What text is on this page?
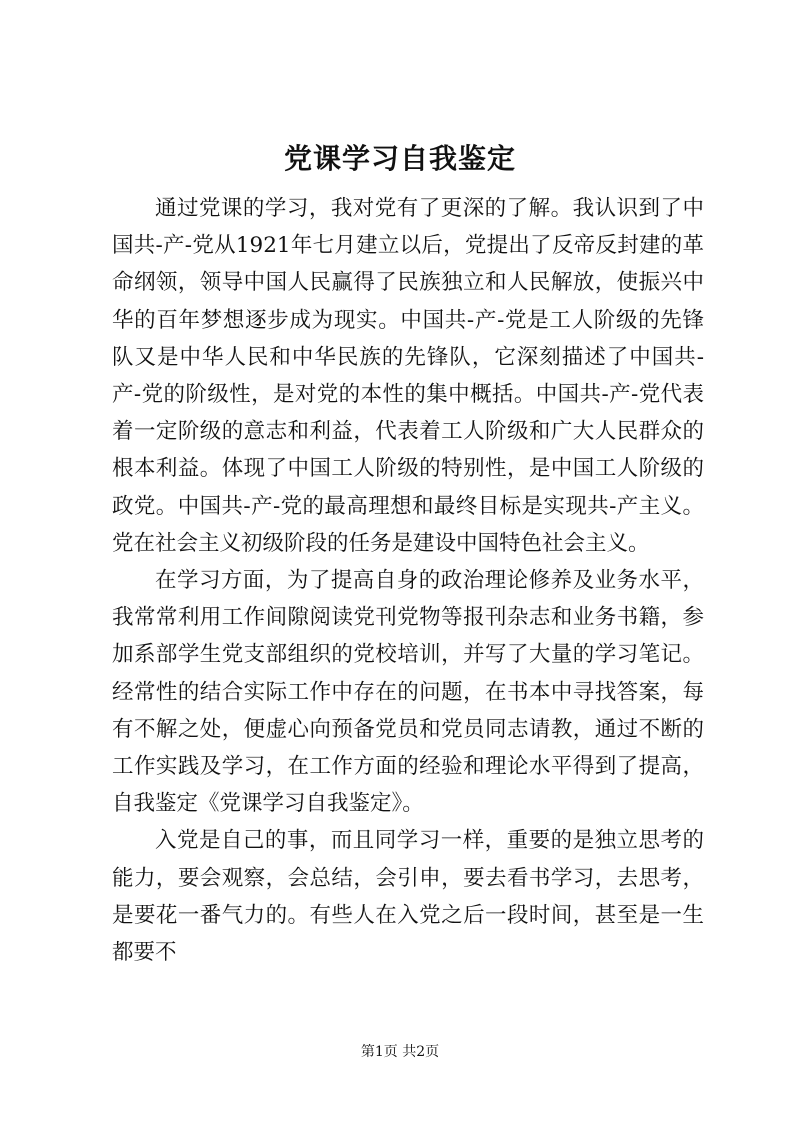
党课学习自我鉴定

通过党课的学习，我对党有了更深的了解。我认识到了中国共-产-党从1921年七月建立以后，党提出了反帝反封建的革命纲领，领导中国人民赢得了民族独立和人民解放，使振兴中华的百年梦想逐步成为现实。中国共-产-党是工人阶级的先锋队又是中华人民和中华民族的先锋队，它深刻描述了中国共-产-党的阶级性，是对党的本性的集中概括。中国共-产-党代表着一定阶级的意志和利益，代表着工人阶级和广大人民群众的根本利益。体现了中国工人阶级的特别性，是中国工人阶级的政党。中国共-产-党的最高理想和最终目标是实现共-产主义。党在社会主义初级阶段的任务是建设中国特色社会主义。

在学习方面，为了提高自身的政治理论修养及业务水平，我常常利用工作间隙阅读党刊党物等报刊杂志和业务书籍，参加系部学生党支部组织的党校培训，并写了大量的学习笔记。经常性的结合实际工作中存在的问题，在书本中寻找答案，每有不解之处，便虚心向预备党员和党员同志请教，通过不断的工作实践及学习，在工作方面的经验和理论水平得到了提高，自我鉴定《党课学习自我鉴定》。

入党是自己的事，而且同学习一样，重要的是独立思考的能力，要会观察，会总结，会引申，要去看书学习，去思考，是要花一番气力的。有些人在入党之后一段时间，甚至是一生都要不

第1页 共2页
